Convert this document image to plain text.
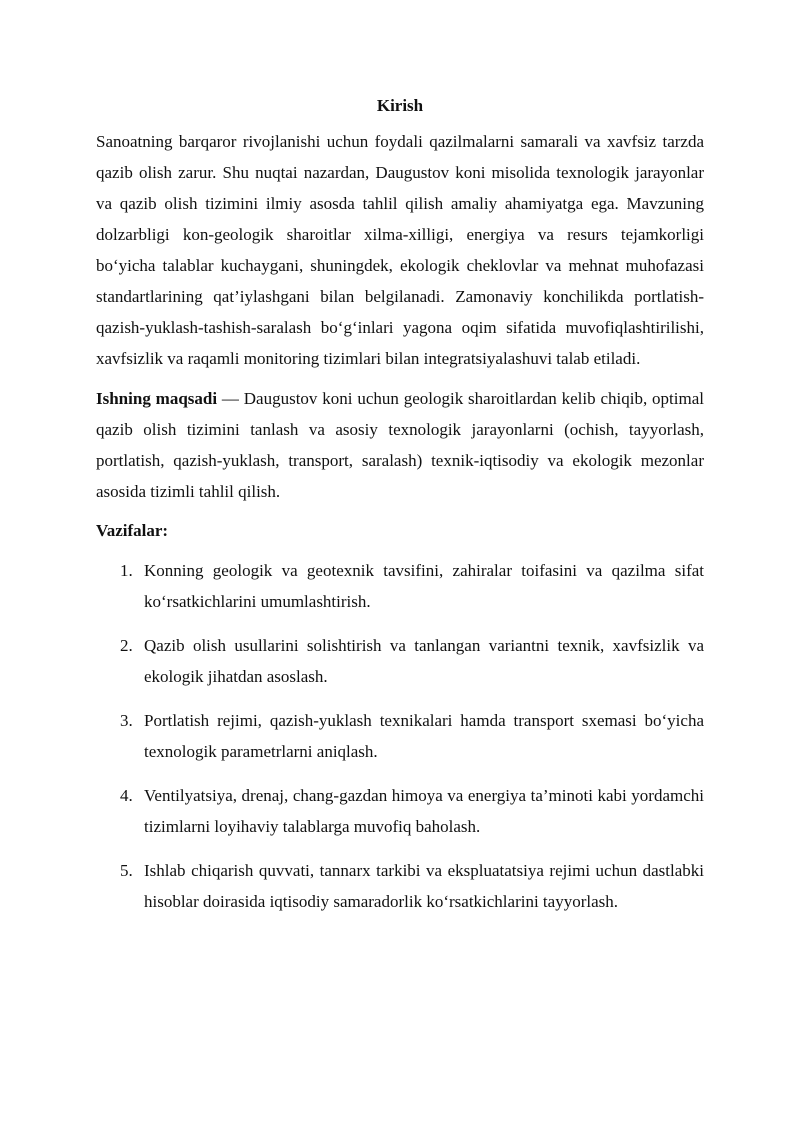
Kirish

Sanoatning barqaror rivojlanishi uchun foydali qazilmalarni samarali va xavfsiz tarzda qazib olish zarur. Shu nuqtai nazardan, Daugustov koni misolida texnologik jarayonlar va qazib olish tizimini ilmiy asosda tahlil qilish amaliy ahamiyatga ega. Mavzuning dolzarbligi kon-geologik sharoitlar xilma-xilligi, energiya va resurs tejamkorligi bo‘yicha talablar kuchaygani, shuningdek, ekologik cheklovlar va mehnat muhofazasi standartlarining qat’iylashgani bilan belgilanadi. Zamonaviy konchilikda portlatish-qazish-yuklash-tashish-saralash bo‘g‘inlari yagona oqim sifatida muvofiqlashtirilishi, xavfsizlik va raqamli monitoring tizimlari bilan integratsiyalashuvi talab etiladi.

Ishning maqsadi — Daugustov koni uchun geologik sharoitlardan kelib chiqib, optimal qazib olish tizimini tanlash va asosiy texnologik jarayonlarni (ochish, tayyorlash, portlatish, qazish-yuklash, transport, saralash) texnik-iqtisodiy va ekologik mezonlar asosida tizimli tahlil qilish.

Vazifalar:
1. Konning geologik va geotexnik tavsifini, zahiralar toifasini va qazilma sifat ko‘rsatkichlarini umumlashtirish.
2. Qazib olish usullarini solishtirish va tanlangan variantni texnik, xavfsizlik va ekologik jihatdan asoslash.
3. Portlatish rejimi, qazish-yuklash texnikalari hamda transport sxemasi bo‘yicha texnologik parametrlarni aniqlash.
4. Ventilyatsiya, drenaj, chang-gazdan himoya va energiya ta’minoti kabi yordamchi tizimlarni loyihaviy talablarga muvofiq baholash.
5. Ishlab chiqarish quvvati, tannarx tarkibi va ekspluatatsiya rejimi uchun dastlabki hisoblar doirasida iqtisodiy samaradorlik ko‘rsatkichlarini tayyorlash.
